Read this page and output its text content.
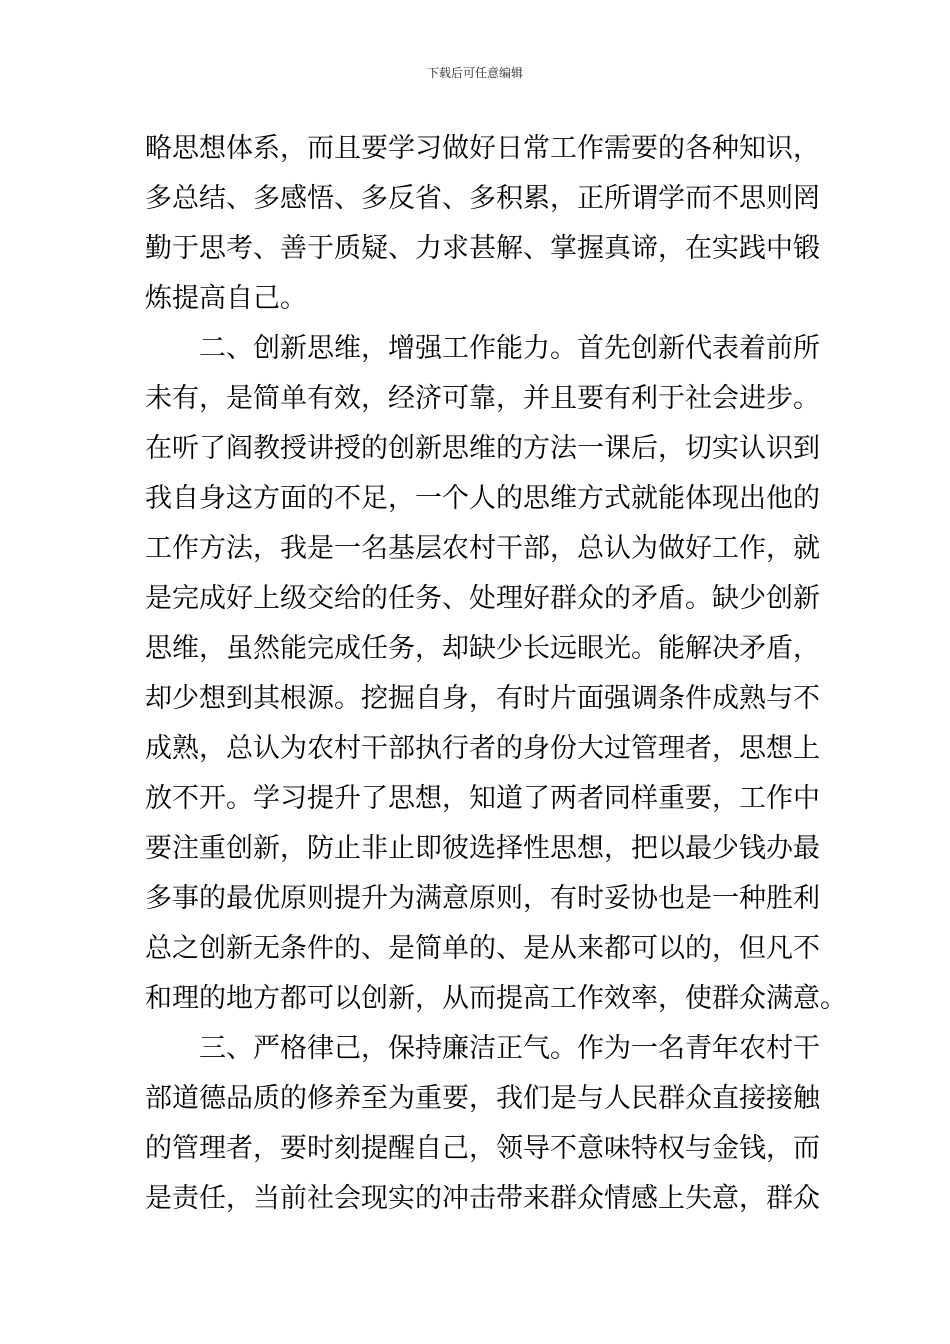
下载后可任意编辑
略思想体系，而且要学习做好日常工作需要的各种知识，
多总结、多感悟、多反省、多积累，正所谓学而不思则罔
勤于思考、善于质疑、力求甚解、掌握真谛，在实践中锻
炼提高自己。
　　二、创新思维，增强工作能力。首先创新代表着前所
未有，是简单有效，经济可靠，并且要有利于社会进步。
在听了阎教授讲授的创新思维的方法一课后，切实认识到
我自身这方面的不足，一个人的思维方式就能体现出他的
工作方法，我是一名基层农村干部，总认为做好工作，就
是完成好上级交给的任务、处理好群众的矛盾。缺少创新
思维，虽然能完成任务，却缺少长远眼光。能解决矛盾，
却少想到其根源。挖掘自身，有时片面强调条件成熟与不
成熟，总认为农村干部执行者的身份大过管理者，思想上
放不开。学习提升了思想，知道了两者同样重要，工作中
要注重创新，防止非止即彼选择性思想，把以最少钱办最
多事的最优原则提升为满意原则，有时妥协也是一种胜利
总之创新无条件的、是简单的、是从来都可以的，但凡不
和理的地方都可以创新，从而提高工作效率，使群众满意。
　　三、严格律己，保持廉洁正气。作为一名青年农村干
部道德品质的修养至为重要，我们是与人民群众直接接触
的管理者，要时刻提醒自己，领导不意味特权与金钱，而
是责任，当前社会现实的冲击带来群众情感上失意，群众
